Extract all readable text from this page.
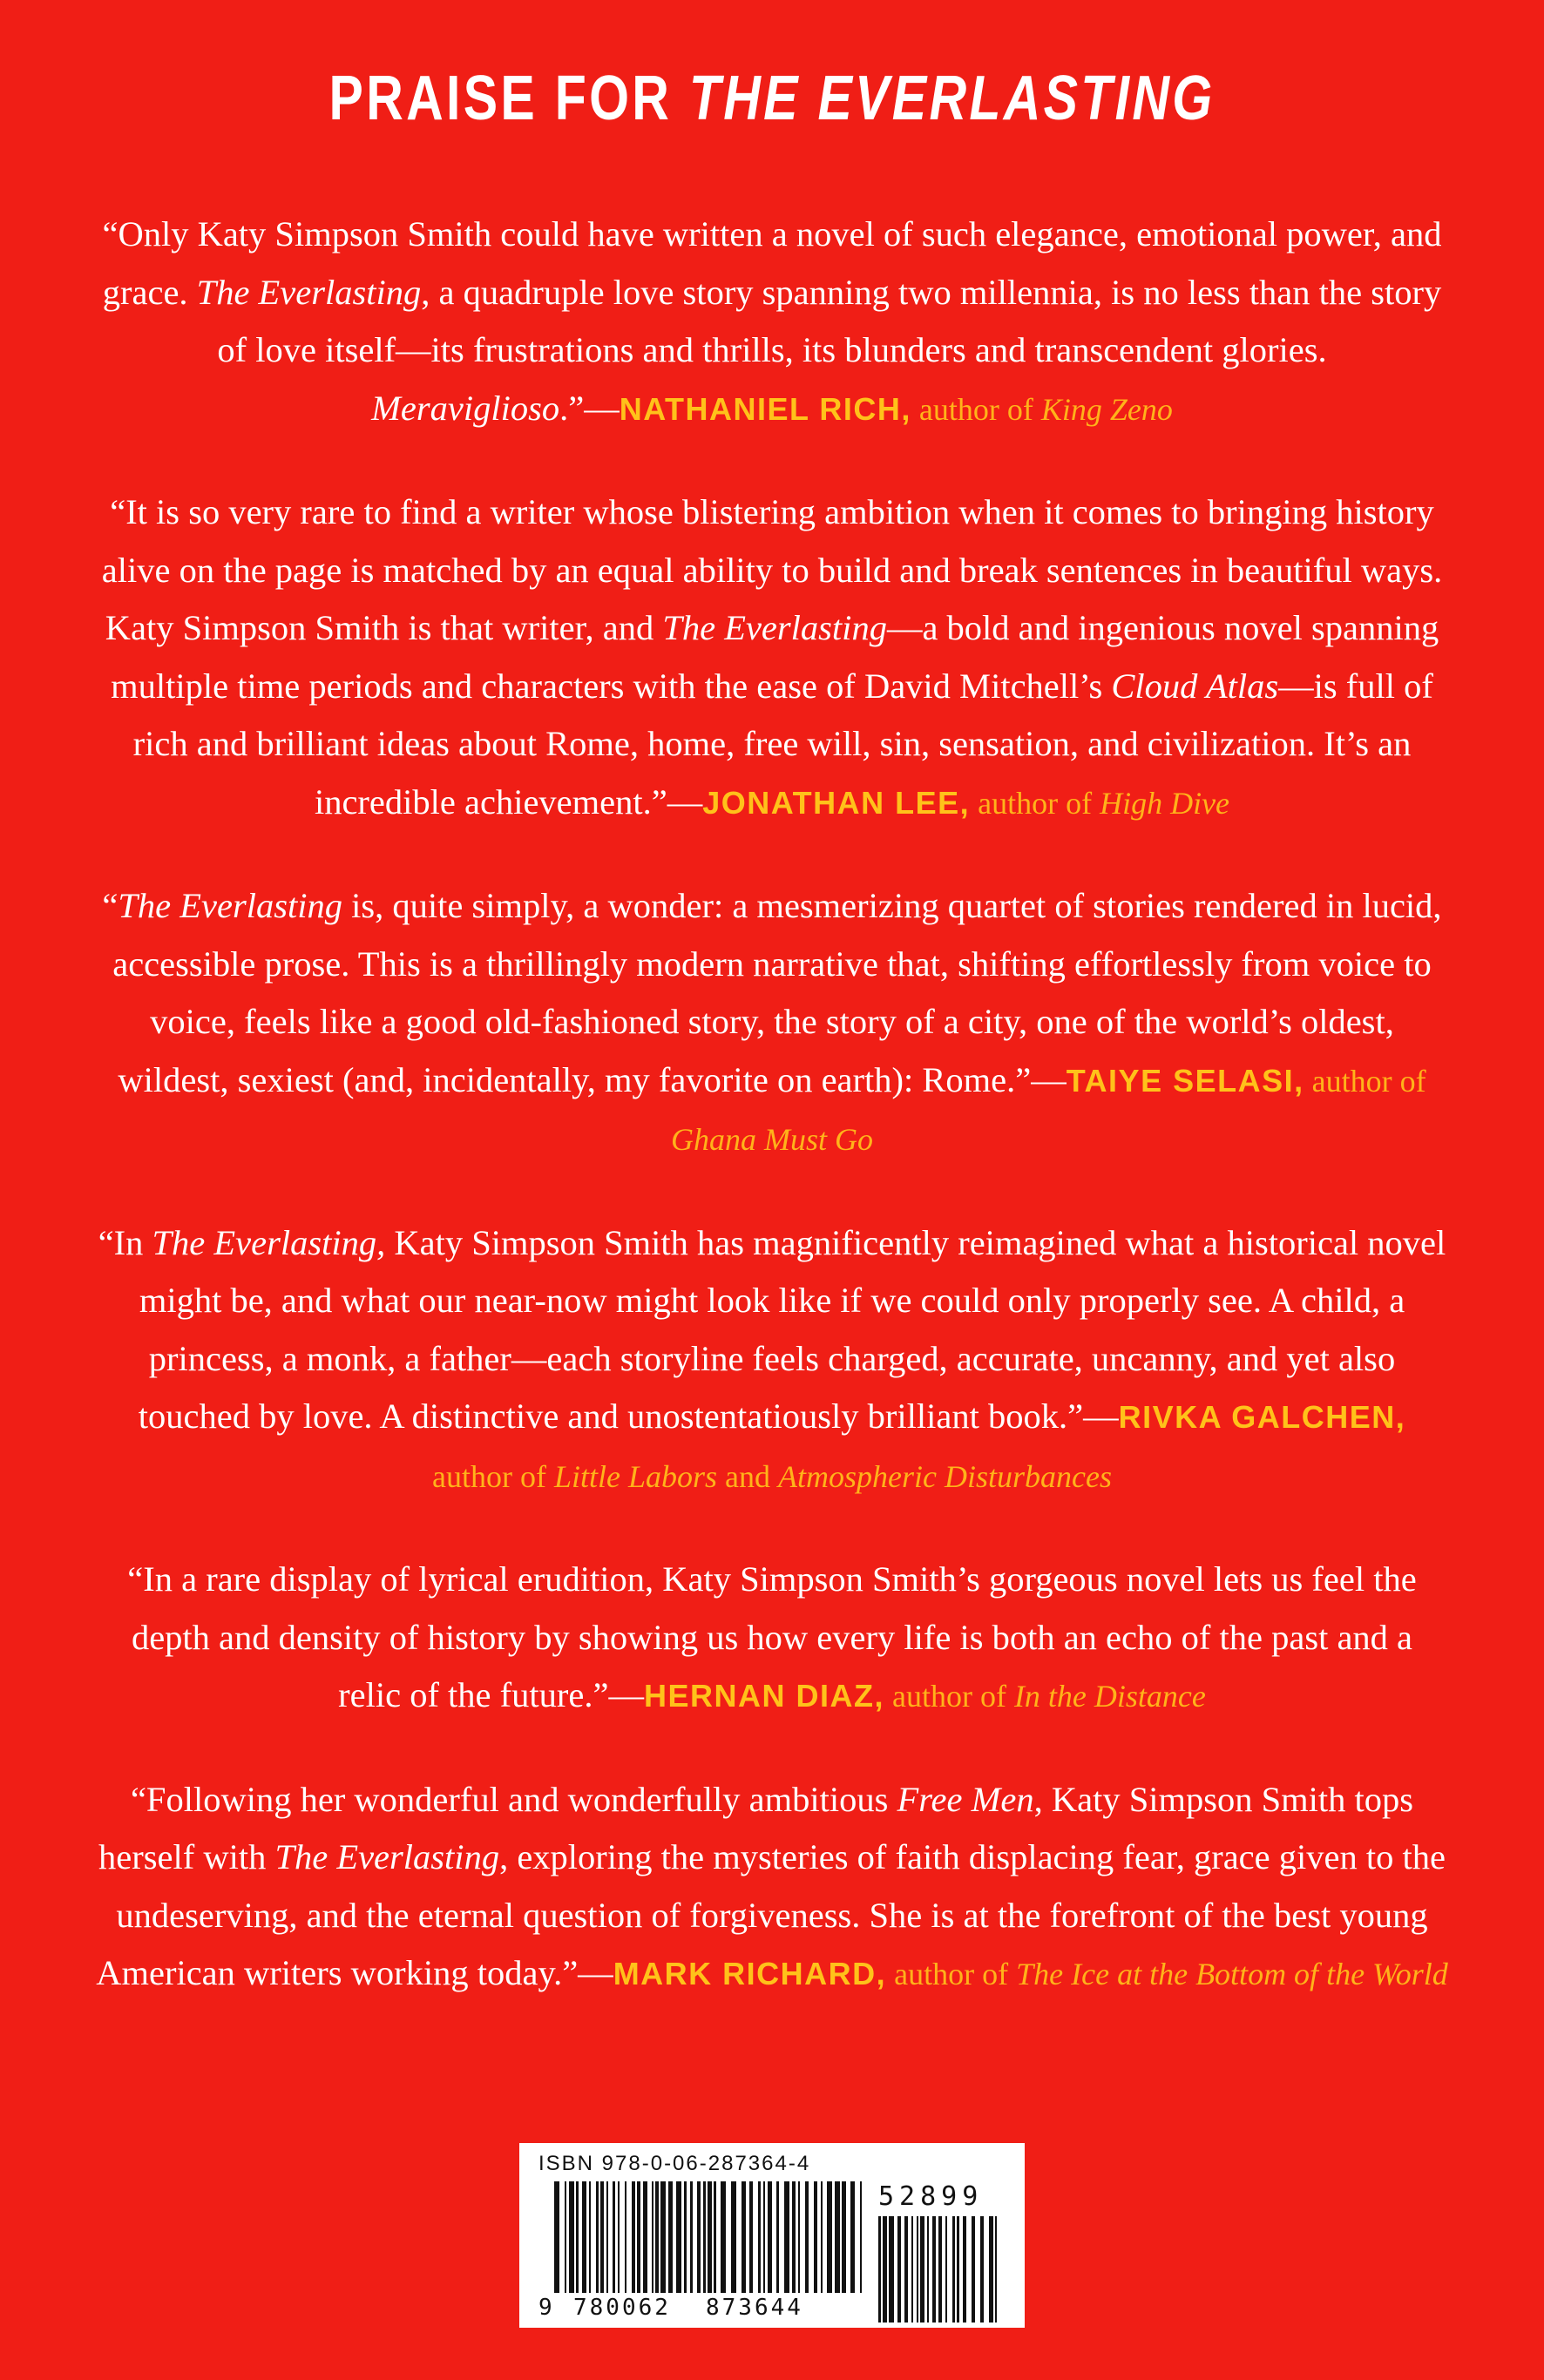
PRAISE FOR THE EVERLASTING

“Only Katy Simpson Smith could have written a novel of such elegance, emotional power, and grace. The Everlasting, a quadruple love story spanning two millennia, is no less than the story of love itself—its frustrations and thrills, its blunders and transcendent glories. Meraviglioso.”—NATHANIEL RICH, author of King Zeno

“It is so very rare to find a writer whose blistering ambition when it comes to bringing history alive on the page is matched by an equal ability to build and break sentences in beautiful ways. Katy Simpson Smith is that writer, and The Everlasting—a bold and ingenious novel spanning multiple time periods and characters with the ease of David Mitchell’s Cloud Atlas—is full of rich and brilliant ideas about Rome, home, free will, sin, sensation, and civilization. It’s an incredible achievement.”—JONATHAN LEE, author of High Dive

“The Everlasting is, quite simply, a wonder: a mesmerizing quartet of stories rendered in lucid, accessible prose. This is a thrillingly modern narrative that, shifting effortlessly from voice to voice, feels like a good old-fashioned story, the story of a city, one of the world’s oldest, wildest, sexiest (and, incidentally, my favorite on earth): Rome.”—TAIYE SELASI, author of Ghana Must Go

“In The Everlasting, Katy Simpson Smith has magnificently reimagined what a historical novel might be, and what our near-now might look like if we could only properly see. A child, a princess, a monk, a father—each storyline feels charged, accurate, uncanny, and yet also touched by love. A distinctive and unostentatiously brilliant book.”—RIVKA GALCHEN, author of Little Labors and Atmospheric Disturbances

“In a rare display of lyrical erudition, Katy Simpson Smith’s gorgeous novel lets us feel the depth and density of history by showing us how every life is both an echo of the past and a relic of the future.”—HERNAN DIAZ, author of In the Distance

“Following her wonderful and wonderfully ambitious Free Men, Katy Simpson Smith tops herself with The Everlasting, exploring the mysteries of faith displacing fear, grace given to the undeserving, and the eternal question of forgiveness. She is at the forefront of the best young American writers working today.”—MARK RICHARD, author of The Ice at the Bottom of the World

ISBN 978-0-06-287364-4
52899
9 780062 873644
